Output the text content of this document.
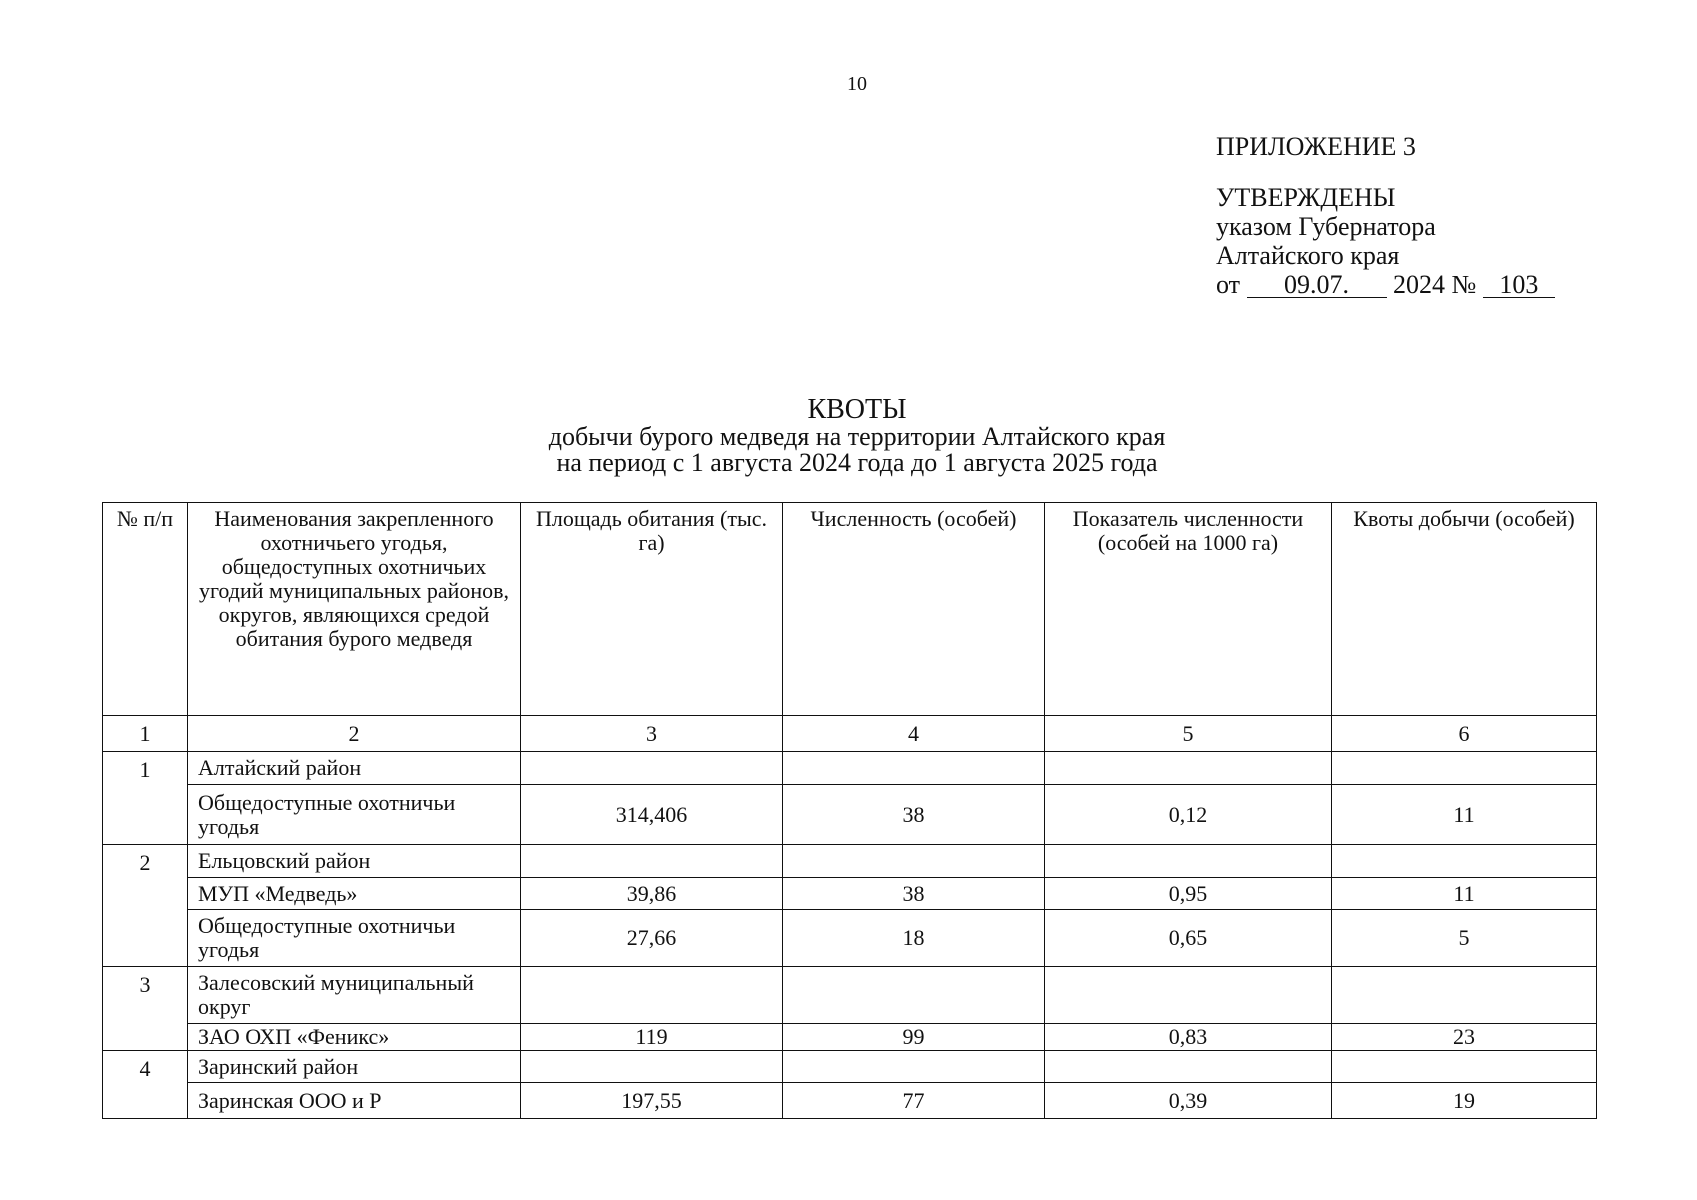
10
ПРИЛОЖЕНИЕ 3
УТВЕРЖДЕНЫ
указом Губернатора
Алтайского края
от 09.07. 2024 № 103
КВОТЫ
добычи бурого медведя на территории Алтайского края
на период с 1 августа 2024 года до 1 августа 2025 года
№ п/п	Наименования закрепленного охотничьего угодья, общедоступных охотничьих угодий муниципальных районов, округов, являющихся средой обитания бурого медведя	Площадь обитания (тыс. га)	Численность (особей)	Показатель численности (особей на 1000 га)	Квоты добычи (особей)
1	2	3	4	5	6
1	Алтайский район				
	Общедоступные охотничьи угодья	314,406	38	0,12	11
2	Ельцовский район				
	МУП «Медведь»	39,86	38	0,95	11
	Общедоступные охотничьи угодья	27,66	18	0,65	5
3	Залесовский муниципальный округ				
	ЗАО ОХП «Феникс»	119	99	0,83	23
4	Заринский район				
	Заринская ООО и Р	197,55	77	0,39	19
